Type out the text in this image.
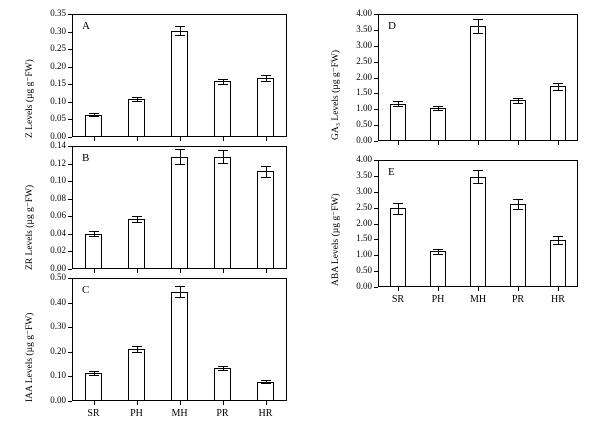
A
Z Levels (µg g⁻FW)	0.00
0.05
0.10
0.15
0.20
0.25
0.30
0.35
B
ZR Levels (µg g⁻FW)	0.00
0.02
0.04
0.06
0.08
0.10
0.12
0.14
C
IAA Levels (µg g⁻FW)	0.00
0.10
0.20
0.30
0.40
0.50
SR	PH	MH	PR	HR
D
GA₃ Levels (µg g⁻FW)
0.00
0.50
1.00
1.50
2.00
2.50
3.00
3.50
4.00
E
ABA Levels (µg g⁻FW)
0.00
0.50
1.00
1.50
2.00
2.50
3.00
3.50
4.00
SR	PH	MH	PR	HR
